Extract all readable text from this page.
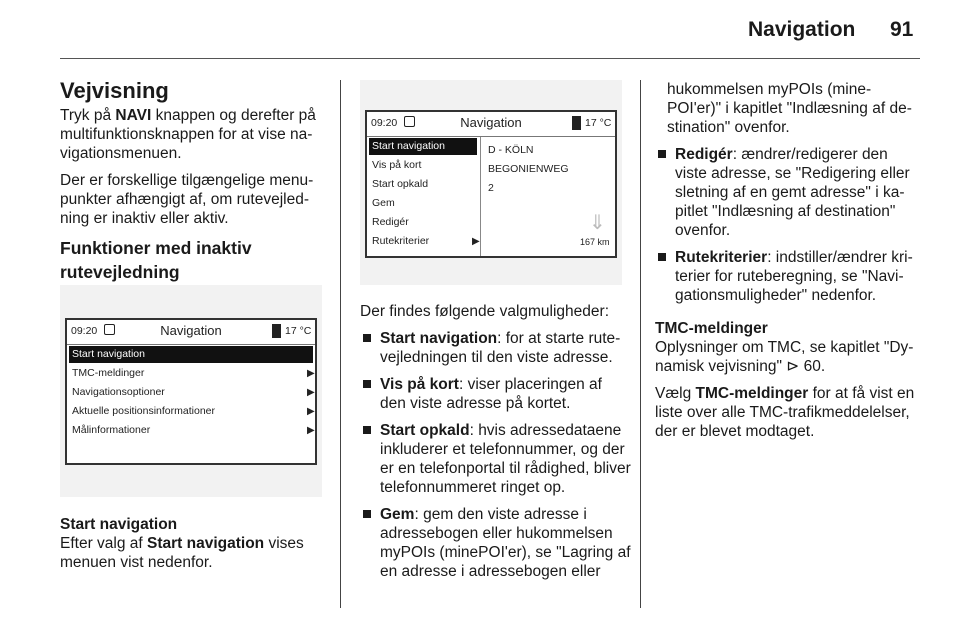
Navigation 91
Vejvisning

Tryk på NAVI knappen og derefter på multifunktionsknappen for at vise na-vigationsmenuen.

Der er forskellige tilgængelige menu-punkter afhængigt af, om rutevejled-ning er inaktiv eller aktiv.

Funktioner med inaktiv rutevejledning
09:20	Navigation	17 °C
Start navigation
TMC-meldinger
Navigationsoptioner
Aktuelle positionsinformationer
Målinformationer
▶
▶
▶
▶
Start navigation

Efter valg af Start navigation vises menuen vist nedenfor.

09:20	Navigation	17 °C
Start navigation
Vis på kort
Start opkald
Gem
Redigér
Rutekriterier	▶
D - KÖLN
BEGONIENWEG
2
⇓
167 km

Der findes følgende valgmuligheder:

Start navigation: for at starte rute-vejledningen til den viste adresse.
Vis på kort: viser placeringen af den viste adresse på kortet.
Start opkald: hvis adressedataene inkluderer et telefonnummer, og der er en telefonportal til rådighed, bliver telefonnummeret ringet op.
Gem: gem den viste adresse i adressebogen eller hukommelsen myPOIs (minePOI'er), se "Lagring af en adresse i adressebogen eller
hukommelsen myPOIs (mine-POI'er)" i kapitlet "Indlæsning af de-stination" ovenfor.
Redigér: ændrer/redigerer den viste adresse, se "Redigering eller sletning af en gemt adresse" i ka-pitlet "Indlæsning af destination" ovenfor.
Rutekriterier: indstiller/ændrer kri-terier for ruteberegning, se "Navi-gationsmuligheder" nedenfor.
TMC-meldinger

Oplysninger om TMC, se kapitlet "Dy-namisk vejvisning" ⊳ 60.

Vælg TMC-meldinger for at få vist en liste over alle TMC-trafikmeddelelser, der er blevet modtaget.
